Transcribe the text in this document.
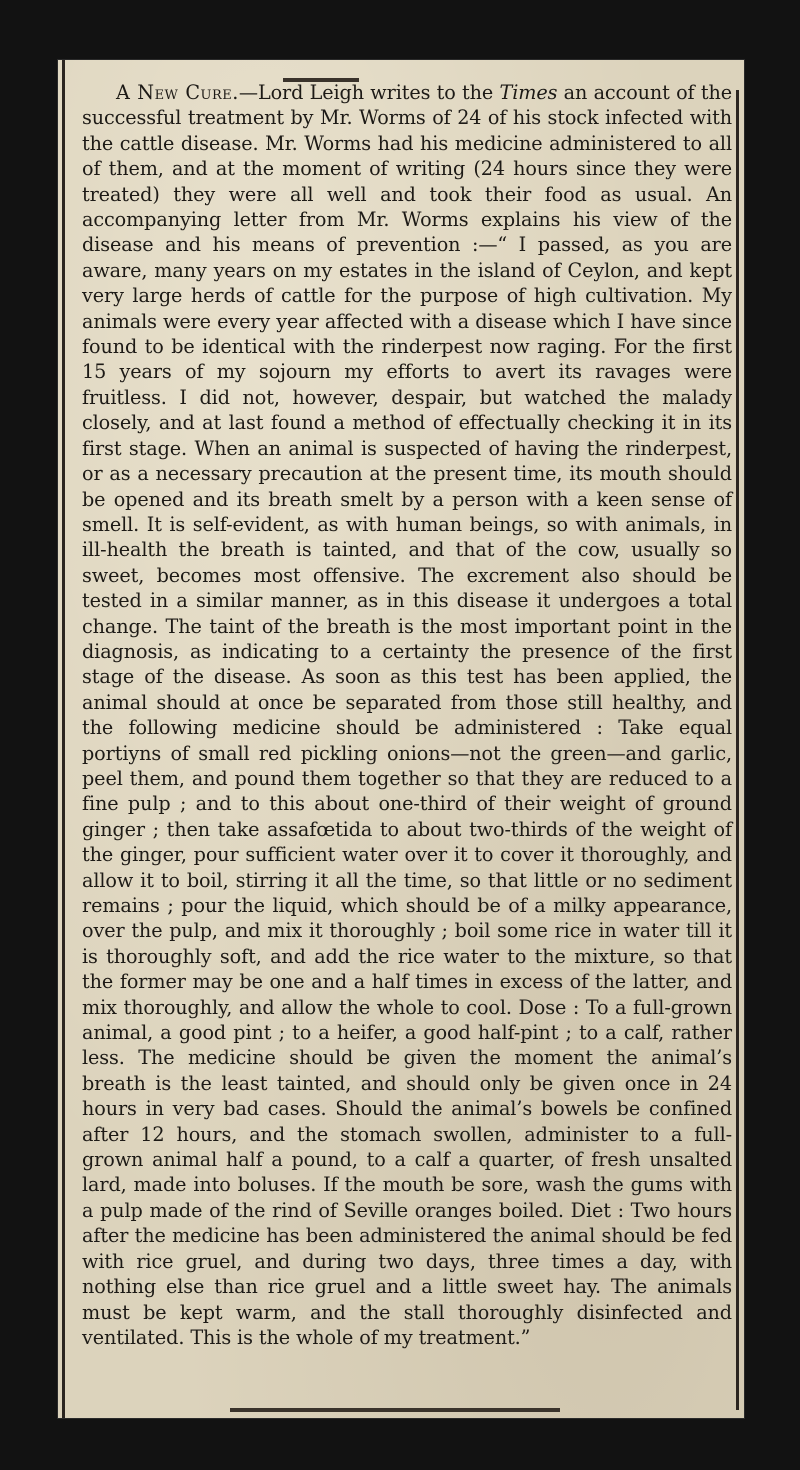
A New Cure.—Lord Leigh writes to the Times an account of the successful treatment by Mr. Worms of 24 of his stock infected with the cattle disease. Mr. Worms had his medicine administered to all of them, and at the moment of writing (24 hours since they were treated) they were all well and took their food as usual. An accompanying letter from Mr. Worms explains his view of the disease and his means of prevention :—“ I passed, as you are aware, many years on my estates in the island of Ceylon, and kept very large herds of cattle for the purpose of high cultivation. My animals were every year affected with a disease which I have since found to be identical with the rinderpest now raging. For the first 15 years of my sojourn my efforts to avert its ravages were fruitless. I did not, however, despair, but watched the malady closely, and at last found a method of effectually checking it in its first stage. When an animal is suspected of having the rinderpest, or as a necessary precaution at the present time, its mouth should be opened and its breath smelt by a person with a keen sense of smell. It is self-evident, as with human beings, so with animals, in ill-health the breath is tainted, and that of the cow, usually so sweet, becomes most offensive. The excrement also should be tested in a similar manner, as in this disease it undergoes a total change. The taint of the breath is the most important point in the diagnosis, as indicating to a certainty the presence of the first stage of the disease. As soon as this test has been applied, the animal should at once be separated from those still healthy, and the following medicine should be administered : Take equal portiyns of small red pickling onions—not the green—and garlic, peel them, and pound them together so that they are reduced to a fine pulp ; and to this about one-third of their weight of ground ginger ; then take assafœtida to about two-thirds of the weight of the ginger, pour sufficient water over it to cover it thoroughly, and allow it to boil, stirring it all the time, so that little or no sediment remains ; pour the liquid, which should be of a milky appearance, over the pulp, and mix it thoroughly ; boil some rice in water till it is thoroughly soft, and add the rice water to the mixture, so that the former may be one and a half times in excess of the latter, and mix thoroughly, and allow the whole to cool. Dose : To a full-grown animal, a good pint ; to a heifer, a good half-pint ; to a calf, rather less. The medicine should be given the moment the animal’s breath is the least tainted, and should only be given once in 24 hours in very bad cases. Should the animal’s bowels be confined after 12 hours, and the stomach swollen, administer to a full-grown animal half a pound, to a calf a quarter, of fresh unsalted lard, made into boluses. If the mouth be sore, wash the gums with a pulp made of the rind of Seville oranges boiled. Diet : Two hours after the medicine has been administered the animal should be fed with rice gruel, and during two days, three times a day, with nothing else than rice gruel and a little sweet hay. The animals must be kept warm, and the stall thoroughly disinfected and ventilated. This is the whole of my treatment.”
